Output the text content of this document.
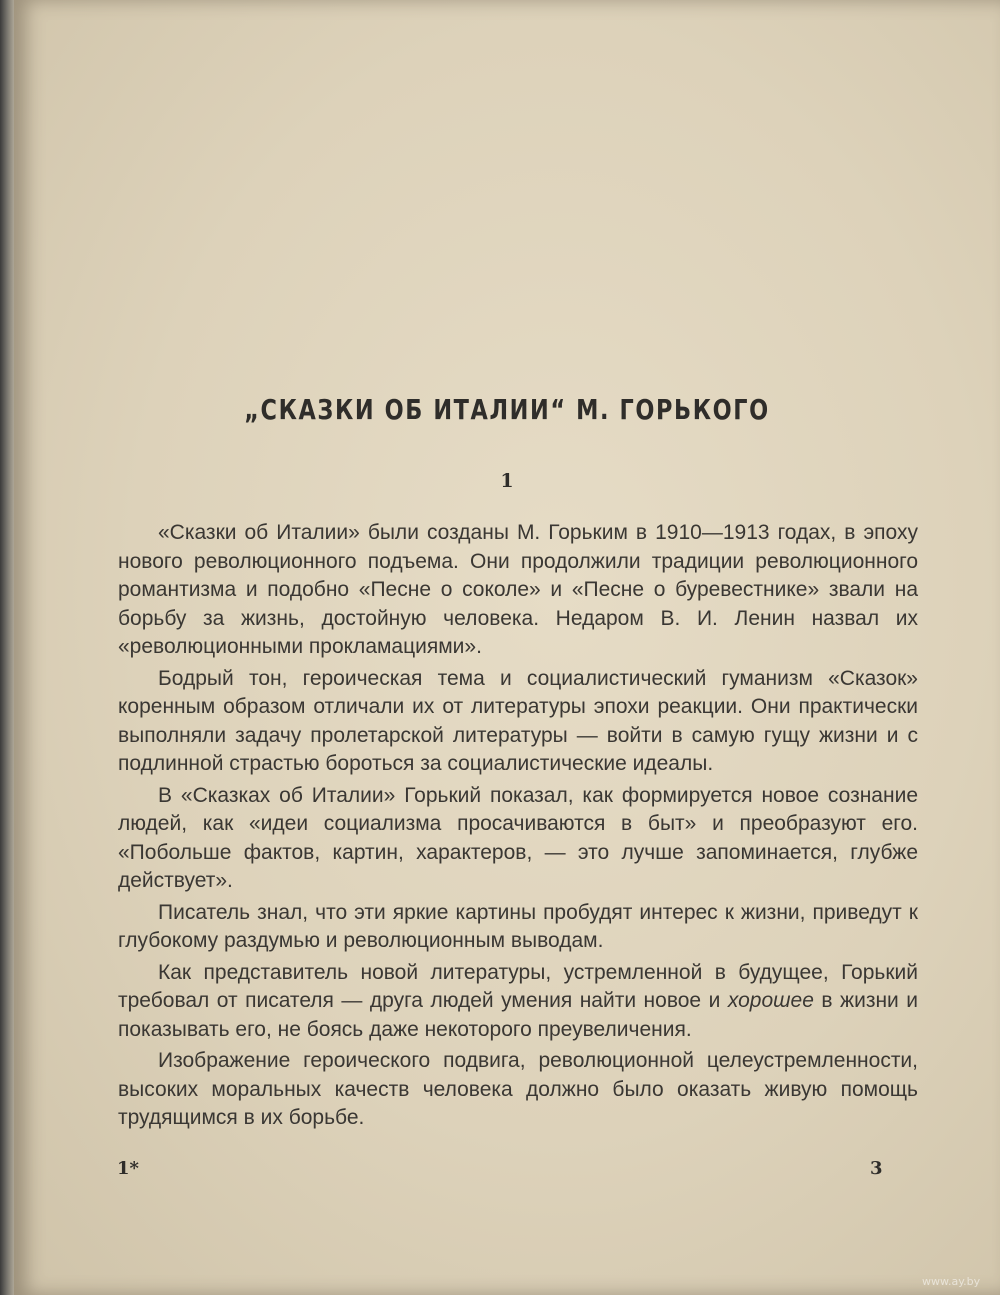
„СКАЗКИ ОБ ИТАЛИИ“ М. ГОРЬКОГО
1

«Сказки об Италии» были созданы М. Горьким в 1910—1913 годах, в эпоху нового революционного подъема. Они продолжили традиции революционного романтизма и подобно «Песне о соколе» и «Песне о буревестнике» звали на борьбу за жизнь, достойную человека. Недаром В. И. Ленин назвал их «революционными прокламациями».

Бодрый тон, героическая тема и социалистический гуманизм «Сказок» коренным образом отличали их от литературы эпохи реакции. Они практически выполняли задачу пролетарской литературы — войти в самую гущу жизни и с подлинной страстью бороться за социалистические идеалы.

В «Сказках об Италии» Горький показал, как формируется новое сознание людей, как «идеи социализма просачиваются в быт» и преобразуют его. «Побольше фактов, картин, характеров, — это лучше запоминается, глубже действует».

Писатель знал, что эти яркие картины пробудят интерес к жизни, приведут к глубокому раздумью и революционным выводам.

Как представитель новой литературы, устремленной в будущее, Горький требовал от писателя — друга людей умения найти новое и хорошее в жизни и показывать его, не боясь даже некоторого преувеличения.

Изображение героического подвига, революционной целеустремленности, высоких моральных качеств человека должно было оказать живую помощь трудящимся в их борьбе.

1*	3
www.ay.by
